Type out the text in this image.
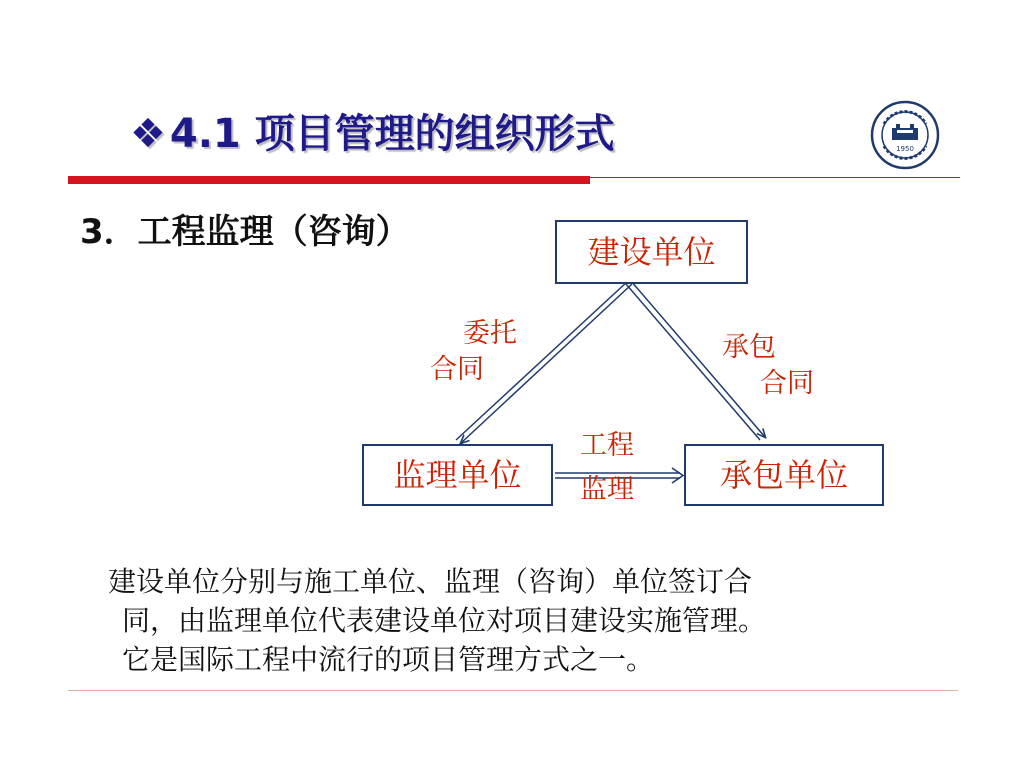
❖ 4.1 项目管理的组织形式	1950
3．工程监理（咨询）	建设单位
监理单位	承包单位
委托
合同
承包
合同
工程
监理

建设单位分别与施工单位、监理（咨询）单位签订合
同，由监理单位代表建设单位对项目建设实施管理。
它是国际工程中流行的项目管理方式之一。
